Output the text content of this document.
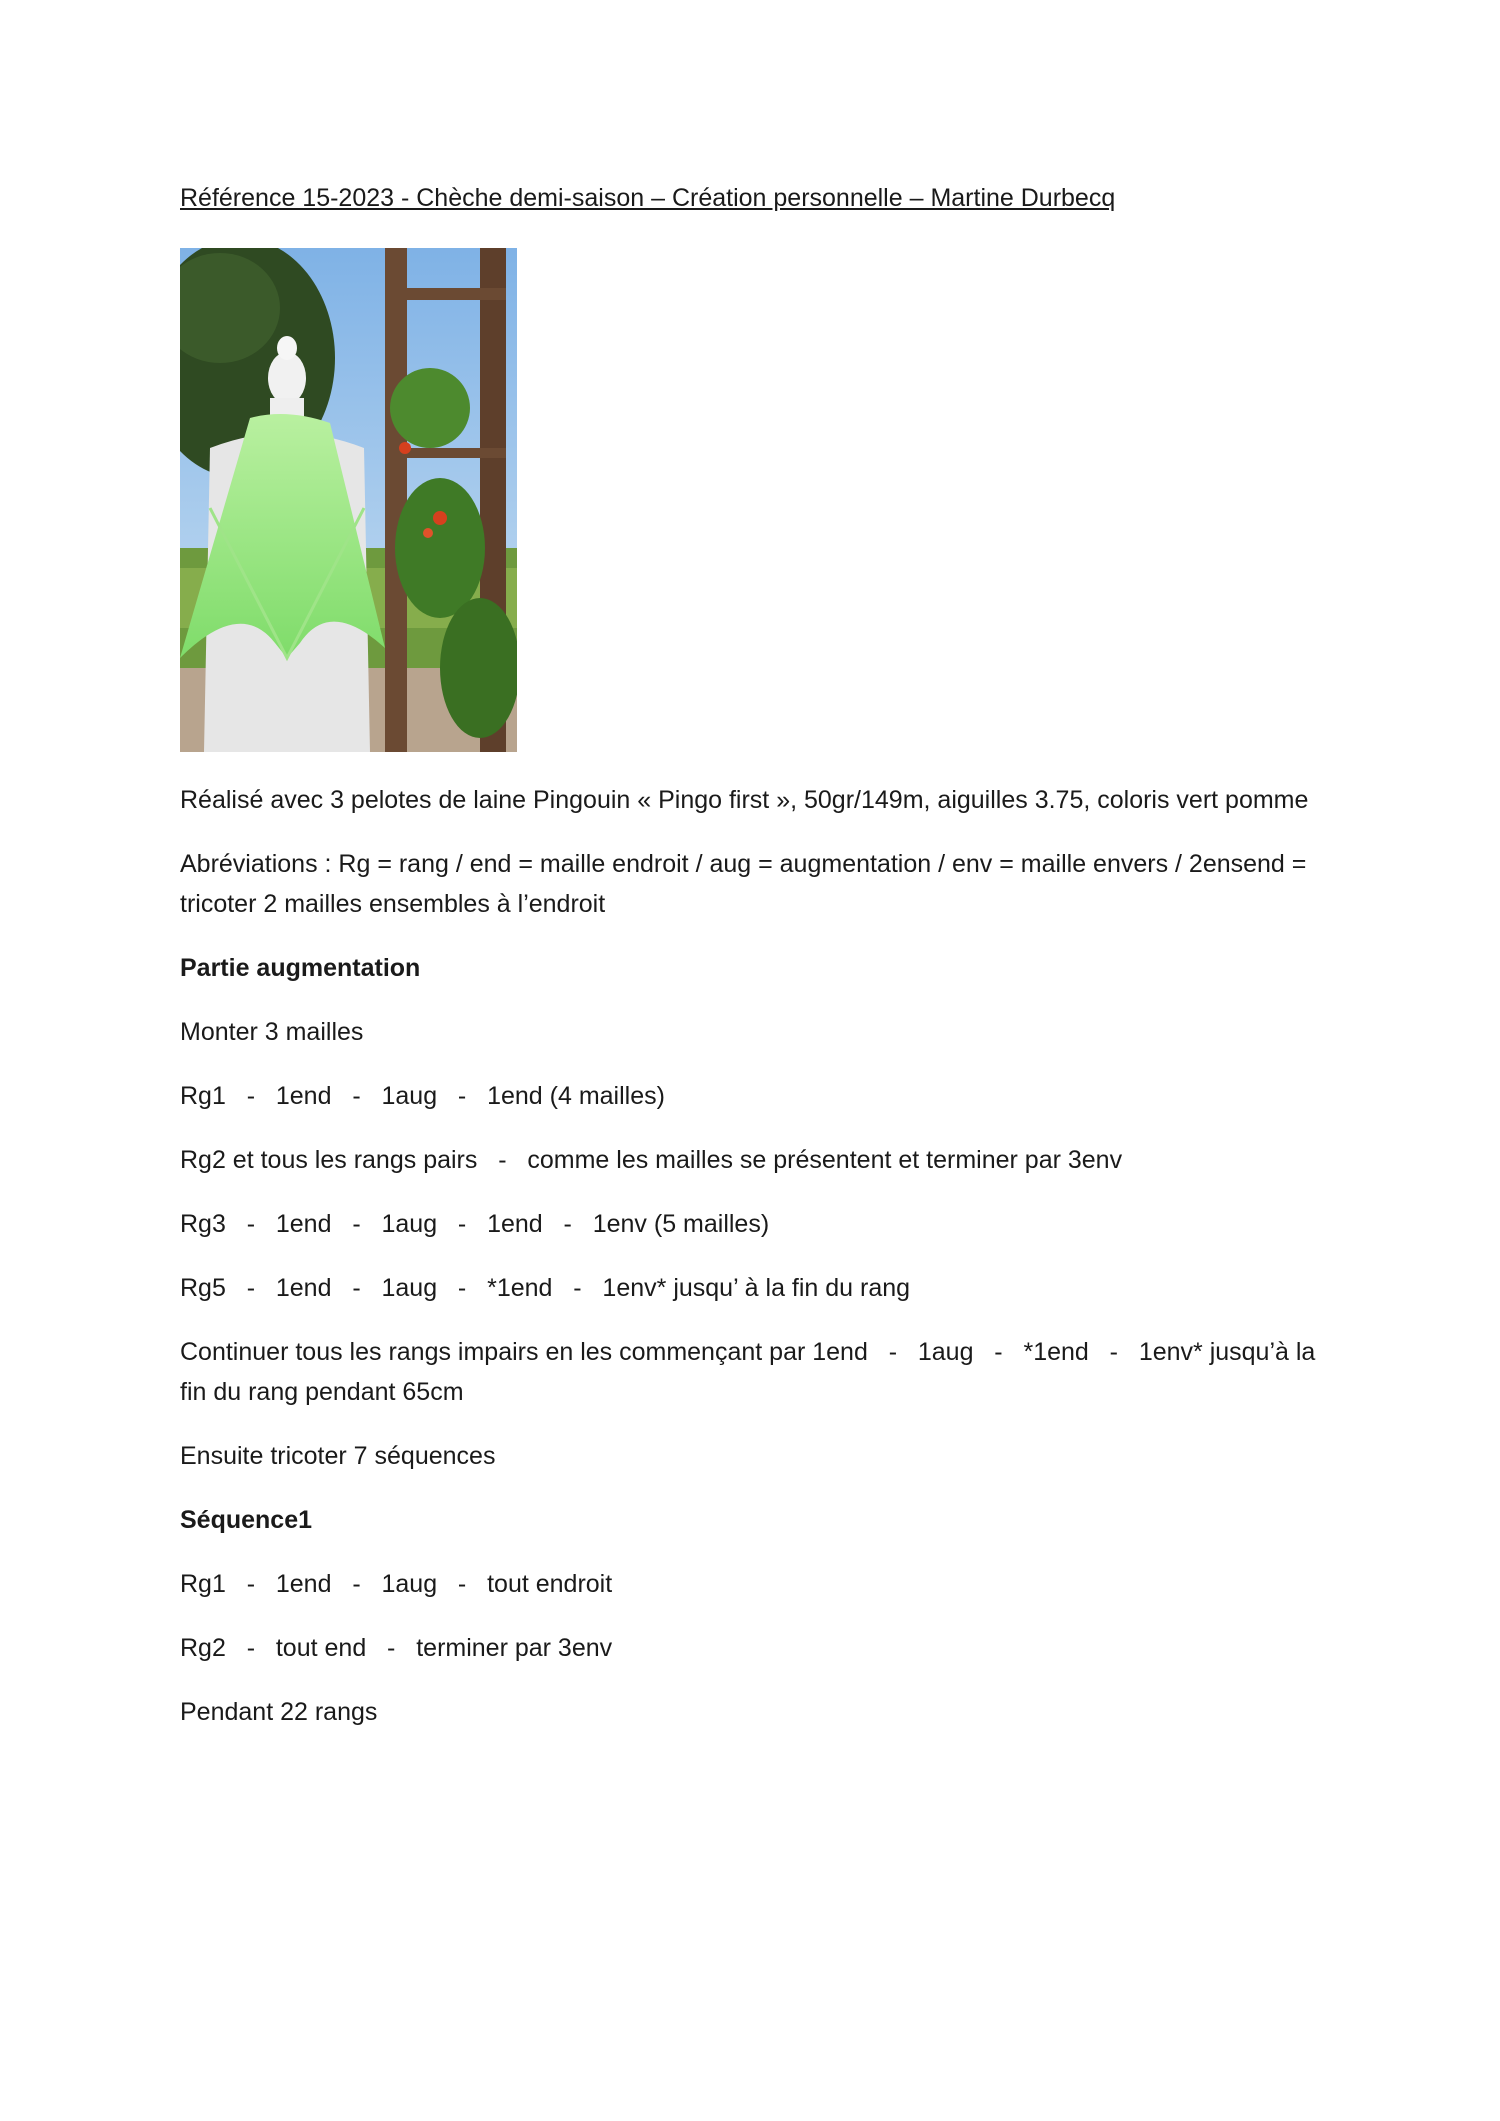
Référence 15-2023 - Chèche demi-saison – Création personnelle – Martine Durbecq

Réalisé avec 3 pelotes de laine Pingouin « Pingo first », 50gr/149m, aiguilles 3.75, coloris vert pomme

Abréviations : Rg = rang / end = maille endroit / aug = augmentation / env = maille envers / 2ensend = tricoter 2 mailles ensembles à l’endroit

Partie augmentation

Monter 3 mailles

Rg1   -   1end   -   1aug   -   1end (4 mailles)

Rg2 et tous les rangs pairs   -   comme les mailles se présentent et terminer par 3env

Rg3   -   1end   -   1aug   -   1end   -   1env (5 mailles)

Rg5   -   1end   -   1aug   -   *1end   -   1env* jusqu’ à la fin du rang

Continuer tous les rangs impairs en les commençant par 1end   -   1aug   -   *1end   -   1env* jusqu’à la fin du rang pendant 65cm

Ensuite tricoter 7 séquences

Séquence1

Rg1   -   1end   -   1aug   -   tout endroit

Rg2   -   tout end   -   terminer par 3env

Pendant 22 rangs
